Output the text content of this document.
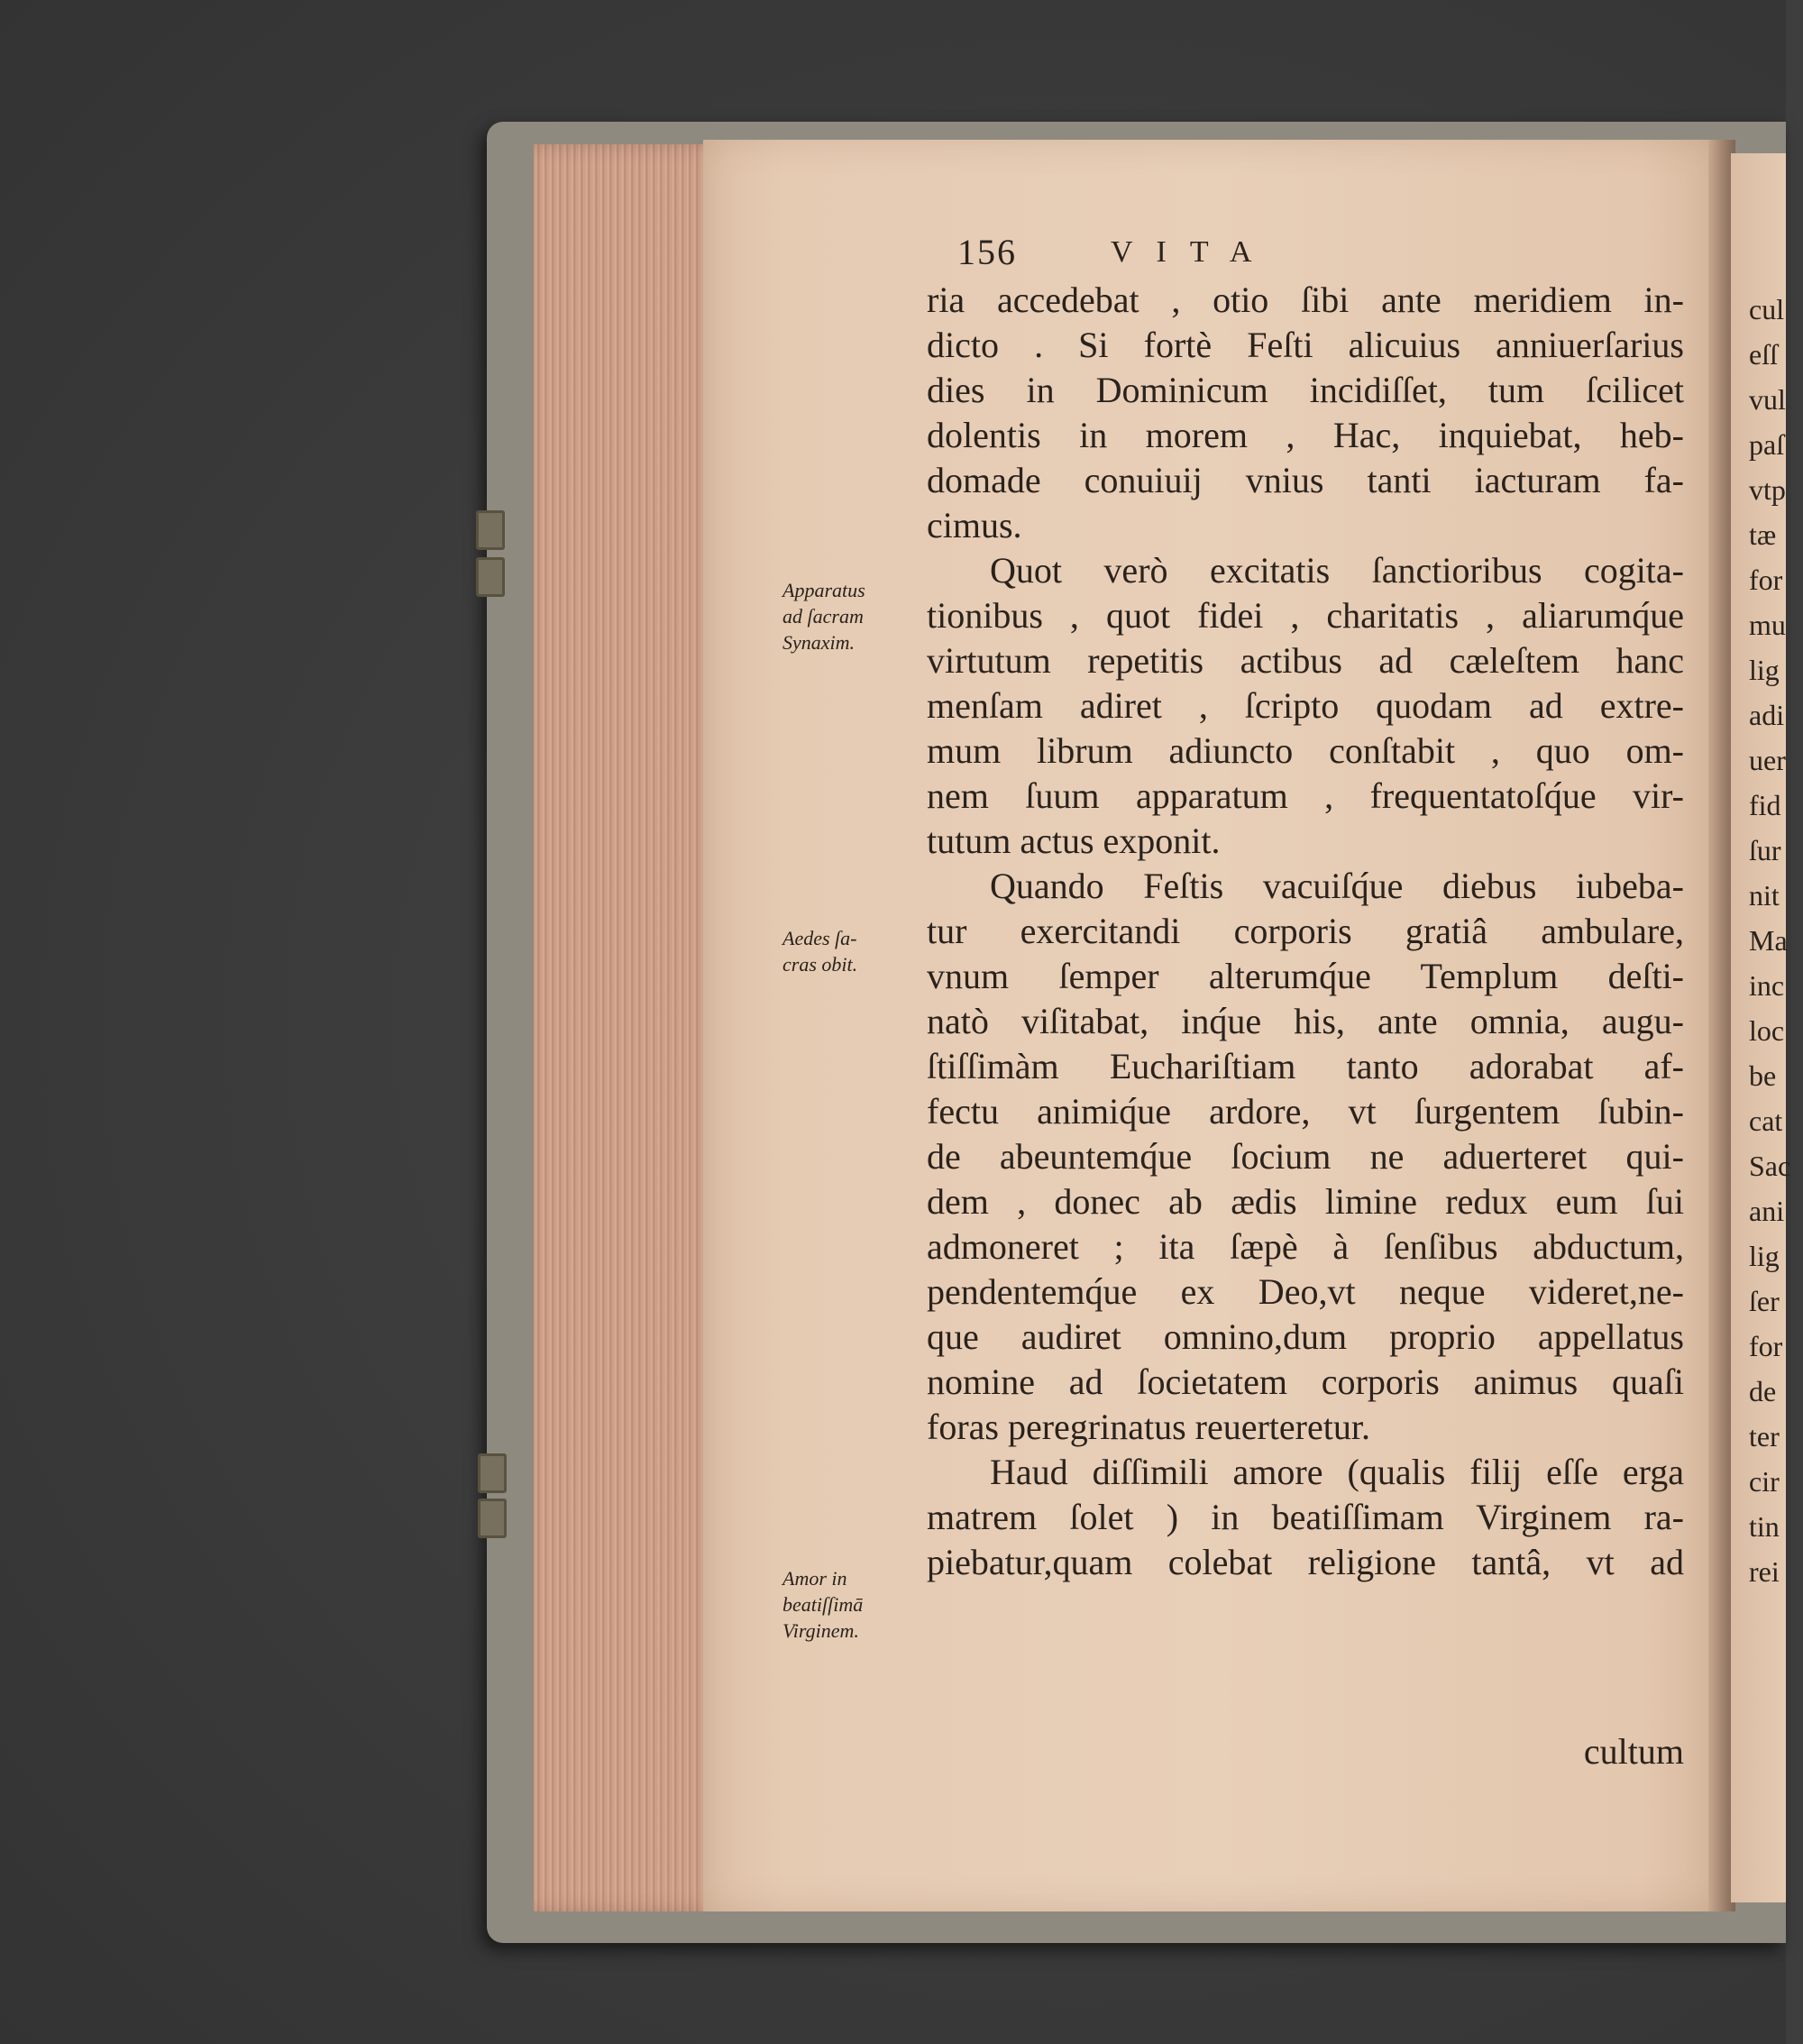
156	VITA
ria accedebat , otio ſibi ante meridiem in-
dicto . Si fortè Feſti alicuius anniuerſarius
dies in Dominicum incidiſſet, tum ſcilicet
dolentis in morem , Hac, inquiebat, heb-
domade conuiuij vnius tanti iacturam fa-
cimus.
Quot verò excitatis ſanctioribus cogita-
tionibus , quot fidei , charitatis , aliarumq́ue
virtutum repetitis actibus ad cæleſtem hanc
menſam adiret , ſcripto quodam ad extre-
mum librum adiuncto conſtabit , quo om-
nem ſuum apparatum , frequentatoſq́ue vir-
tutum actus exponit.
Quando Feſtis vacuiſq́ue diebus iubeba-
tur exercitandi corporis gratiâ ambulare,
vnum ſemper alterumq́ue Templum deſti-
natò viſitabat, inq́ue his, ante omnia, augu-
ſtiſſimàm Euchariſtiam tanto adorabat af-
fectu animiq́ue ardore, vt ſurgentem ſubin-
de abeuntemq́ue ſocium ne aduerteret qui-
dem , donec ab ædis limine redux eum ſui
admoneret ; ita ſæpè à ſenſibus abductum,
pendentemq́ue ex Deo,vt neque videret,ne-
que audiret omnino,dum proprio appellatus
nomine ad ſocietatem corporis animus quaſi
foras peregrinatus reuerteretur.
Haud diſſimili amore (qualis filij eſſe erga
matrem ſolet ) in beatiſſimam Virginem ra-
piebatur,quam colebat religione tantâ, vt ad
Apparatus
ad ſacram
Synaxim.
Aedes ſa-
cras obit.
Amor in
beatiſſimā
Virginem.
cul
eſſ
vul
paſ
vtp
tæ
for
mu
lig
adi
uer
fid
ſur
nit
Ma
inc
loc
be
cat
Sac
ani
lig
ſer
for
de
ter
cir
tin
rei
cultum
